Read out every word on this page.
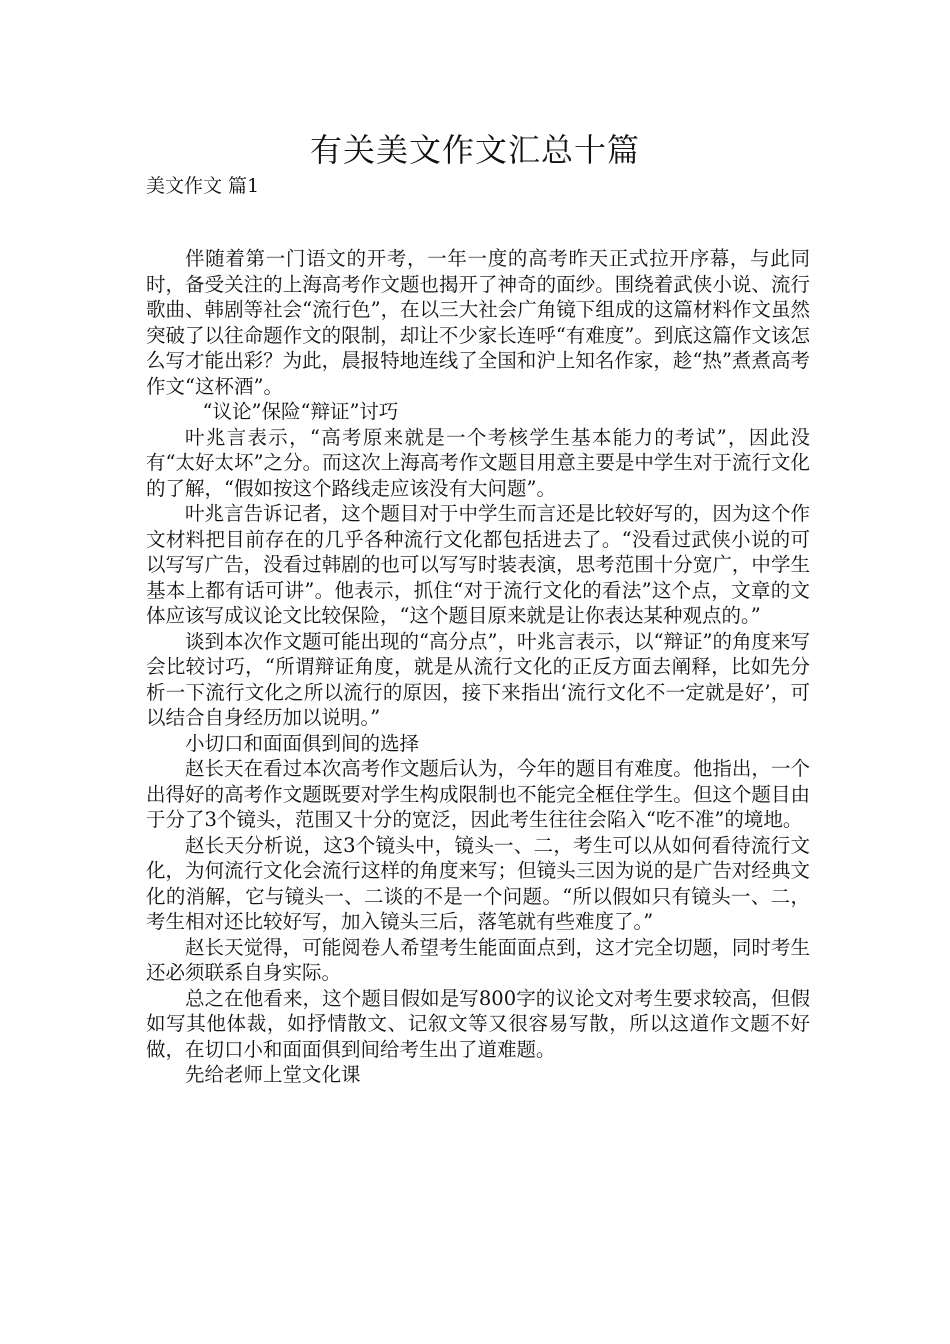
有关美文作文汇总十篇

美文作文 篇1

伴随着第一门语文的开考，一年一度的高考昨天正式拉开序幕，与此同时，备受关注的上海高考作文题也揭开了神奇的面纱。围绕着武侠小说、流行歌曲、韩剧等社会“流行色”，在以三大社会广角镜下组成的这篇材料作文虽然突破了以往命题作文的限制，却让不少家长连呼“有难度”。到底这篇作文该怎么写才能出彩？为此，晨报特地连线了全国和沪上知名作家，趁“热”煮煮高考作文“这杯酒”。

“议论”保险“辩证”讨巧

叶兆言表示，“高考原来就是一个考核学生基本能力的考试”，因此没有“太好太坏”之分。而这次上海高考作文题目用意主要是中学生对于流行文化的了解，“假如按这个路线走应该没有大问题”。

叶兆言告诉记者，这个题目对于中学生而言还是比较好写的，因为这个作文材料把目前存在的几乎各种流行文化都包括进去了。“没看过武侠小说的可以写写广告，没看过韩剧的也可以写写时装表演，思考范围十分宽广，中学生基本上都有话可讲”。他表示，抓住“对于流行文化的看法”这个点，文章的文体应该写成议论文比较保险，“这个题目原来就是让你表达某种观点的。”

谈到本次作文题可能出现的“高分点”，叶兆言表示，以“辩证”的角度来写会比较讨巧，“所谓辩证角度，就是从流行文化的正反方面去阐释，比如先分析一下流行文化之所以流行的原因，接下来指出‘流行文化不一定就是好’，可以结合自身经历加以说明。”

小切口和面面俱到间的选择

赵长天在看过本次高考作文题后认为，今年的题目有难度。他指出，一个出得好的高考作文题既要对学生构成限制也不能完全框住学生。但这个题目由于分了3个镜头，范围又十分的宽泛，因此考生往往会陷入“吃不准”的境地。

赵长天分析说，这3个镜头中，镜头一、二，考生可以从如何看待流行文化，为何流行文化会流行这样的角度来写；但镜头三因为说的是广告对经典文化的消解，它与镜头一、二谈的不是一个问题。“所以假如只有镜头一、二，考生相对还比较好写，加入镜头三后，落笔就有些难度了。”

赵长天觉得，可能阅卷人希望考生能面面点到，这才完全切题，同时考生还必须联系自身实际。

总之在他看来，这个题目假如是写800字的议论文对考生要求较高，但假如写其他体裁，如抒情散文、记叙文等又很容易写散，所以这道作文题不好做，在切口小和面面俱到间给考生出了道难题。

先给老师上堂文化课
